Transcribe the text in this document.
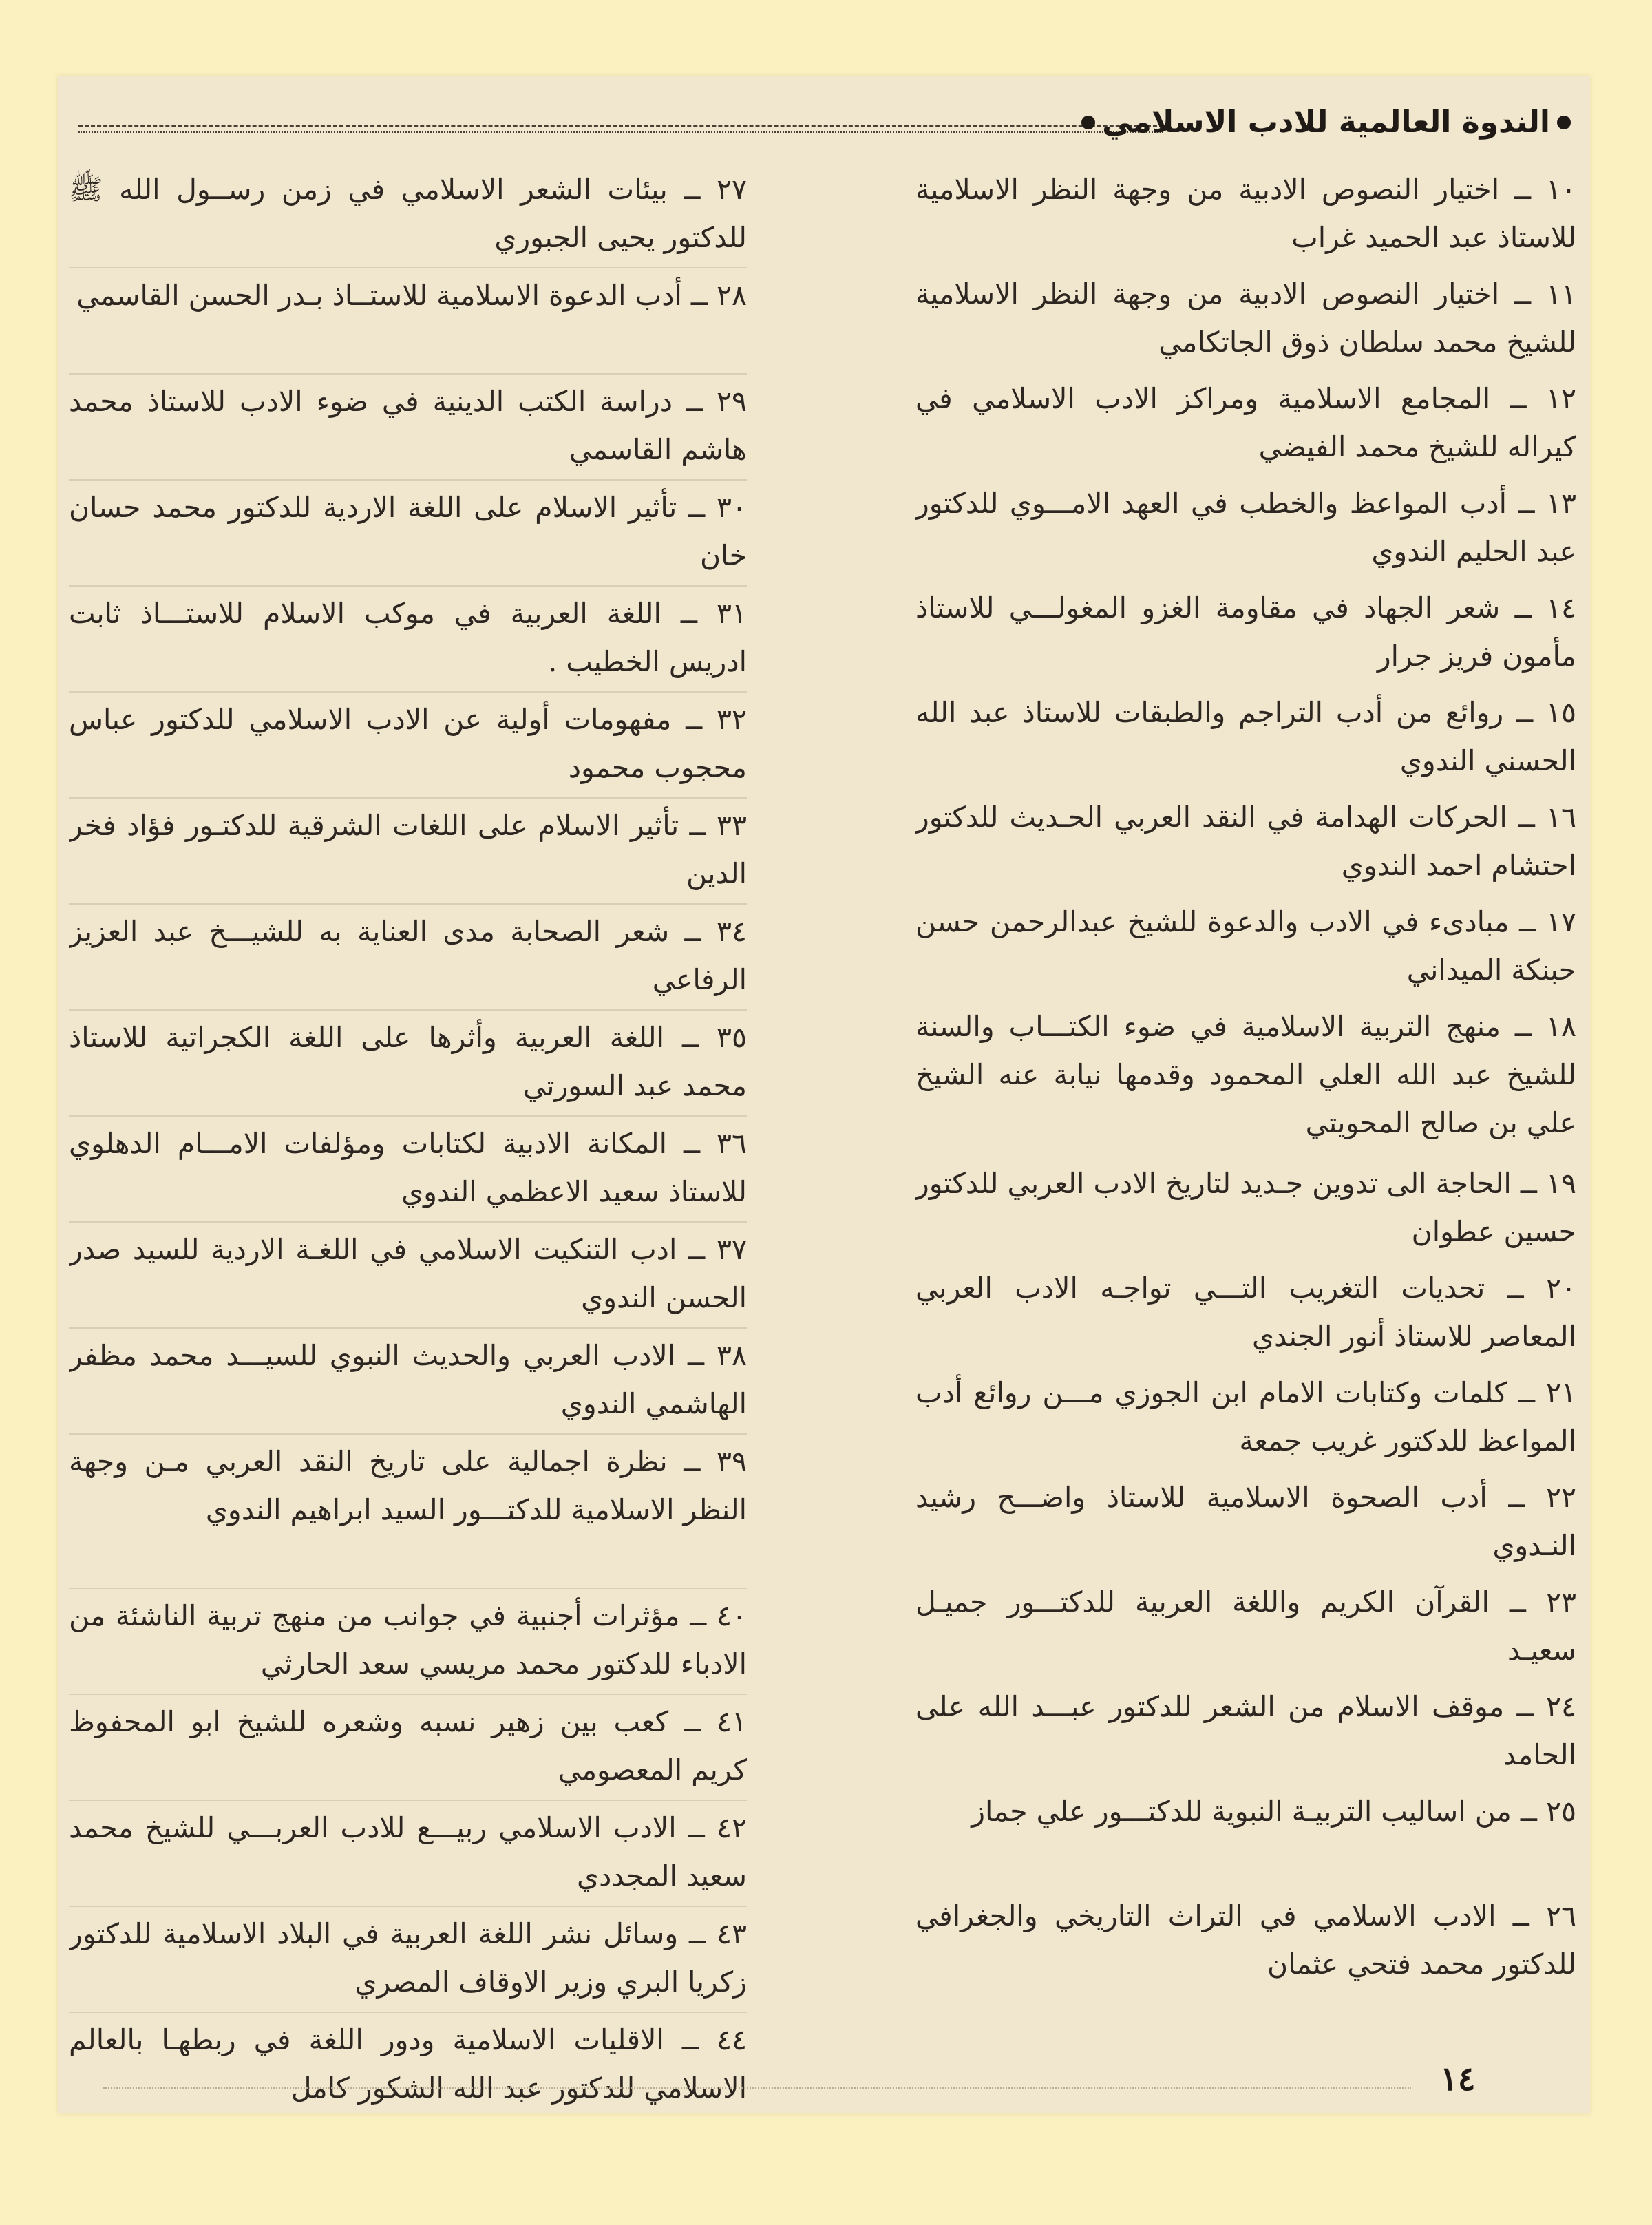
الندوة العالمية للادب الاسلامي
١٠ ــ اختيار النصوص الادبية من وجهة النظر الاسلامية للاستاذ عبد الحميد غراب
١١ ــ اختيار النصوص الادبية من وجهة النظر الاسلامية للشيخ محمد سلطان ذوق الجاتكامي
١٢ ــ المجامع الاسلامية ومراكز الادب الاسلامي في كيراله للشيخ محمد الفيضي
١٣ ــ أدب المواعظ والخطب في العهد الامـــوي للدكتور عبد الحليم الندوي
١٤ ــ شعر الجهاد في مقاومة الغزو المغولـــي للاستاذ مأمون فريز جرار
١٥ ــ روائع من أدب التراجم والطبقات للاستاذ عبد الله الحسني الندوي
١٦ ــ الحركات الهدامة في النقد العربي الحـديث للدكتور احتشام احمد الندوي
١٧ ــ مبادىء في الادب والدعوة للشيخ عبدالرحمن حسن حبنكة الميداني
١٨ ــ منهج التربية الاسلامية في ضوء الكتـــاب والسنة للشيخ عبد الله العلي المحمود وقدمها نيابة عنه الشيخ علي بن صالح المحويتي
١٩ ــ الحاجة الى تدوين جـديد لتاريخ الادب العربي للدكتور حسين عطوان
٢٠ ــ تحديات التغريب التـــي تواجـه الادب العربي المعاصر للاستاذ أنور الجندي
٢١ ــ كلمات وكتابات الامام ابن الجوزي مـــن روائع أدب المواعظ للدكتور غريب جمعة
٢٢ ــ أدب الصحوة الاسلامية للاستاذ واضـــح رشيد النـدوي
٢٣ ــ القرآن الكريم واللغة العربية للدكتـــور جميـل سعيـد
٢٤ ــ موقف الاسلام من الشعر للدكتور عبـــد الله على الحامد
٢٥ ــ من اساليب التربيـة النبوية للدكتـــور علي جماز
٢٦ ــ الادب الاسلامي في التراث التاريخي والجغرافي للدكتور محمد فتحي عثمان
٢٧ ــ بيئات الشعر الاسلامي في زمن رســول الله ﷺ للدكتور يحيى الجبوري
٢٨ ــ أدب الدعوة الاسلامية للاستــاذ بـدر الحسن القاسمي
٢٩ ــ دراسة الكتب الدينية في ضوء الادب للاستاذ محمد هاشم القاسمي
٣٠ ــ تأثير الاسلام على اللغة الاردية للدكتور محمد حسان خان
٣١ ــ اللغة العربية في موكب الاسلام للاستـــاذ ثابت ادريس الخطيب .
٣٢ ــ مفهومات أولية عن الادب الاسلامي للدكتور عباس محجوب محمود
٣٣ ــ تأثير الاسلام على اللغات الشرقية للدكتـور فؤاد فخر الدين
٣٤ ــ شعر الصحابة مدى العناية به للشيـــخ عبد العزيز الرفاعي
٣٥ ــ اللغة العربية وأثرها على اللغة الكجراتية للاستاذ محمد عبد السورتي
٣٦ ــ المكانة الادبية لكتابات ومؤلفات الامـــام الدهلوي للاستاذ سعيد الاعظمي الندوي
٣٧ ــ ادب التنكيت الاسلامي في اللغـة الاردية للسيد صدر الحسن الندوي
٣٨ ــ الادب العربي والحديث النبوي للسيـــد محمد مظفر الهاشمي الندوي
٣٩ ــ نظرة اجمالية على تاريخ النقد العربي مـن وجهة النظر الاسلامية للدكتـــور السيد ابراهيم الندوي
٤٠ ــ مؤثرات أجنبية في جوانب من منهج تربية الناشئة من الادباء للدكتور محمد مريسي سعد الحارثي
٤١ ــ كعب بين زهير نسبه وشعره للشيخ ابو المحفوظ كريم المعصومي
٤٢ ــ الادب الاسلامي ربيـــع للادب العربـــي للشيخ محمد سعيد المجددي
٤٣ ــ وسائل نشر اللغة العربية في البلاد الاسلامية للدكتور زكريا البري وزير الاوقاف المصري
٤٤ ــ الاقليات الاسلامية ودور اللغة في ربطهـا بالعالم الاسلامي للدكتور عبد الله الشكور كامل	١٤
